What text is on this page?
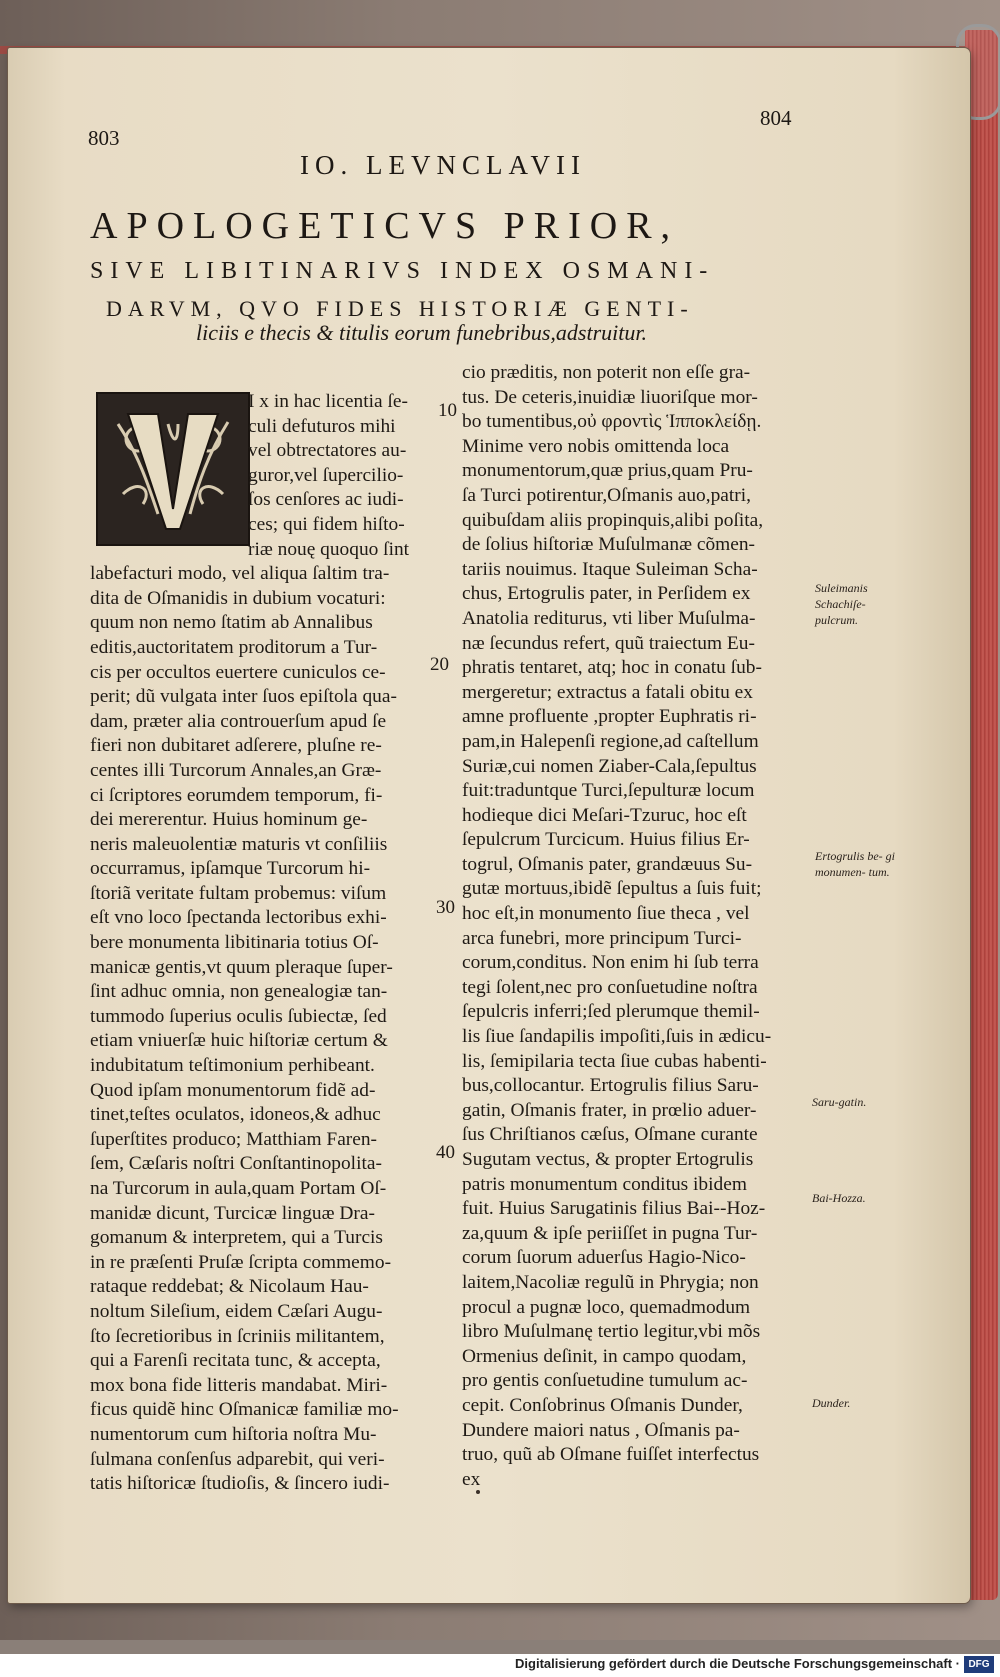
803
804
IO. LEVNCLAVII
APOLOGETICVS PRIOR,
SIVE LIBITINARIVS INDEX OSMANI-
DARVM, QVO FIDES HISTORIÆ GENTI-
liciis e thecis & titulis eorum funebribus,adstruitur.
I x in hac licentia ſe-
culi defuturos mihi
vel obtrectatores au-
guror,vel ſupercilio-
ſos cenſores ac iudi-
ces; qui fidem hiſto-
riæ nouę quoquo ſint
labefacturi modo, vel aliqua ſaltim tra-
dita de Oſmanidis in dubium vocaturi:
quum non nemo ſtatim ab Annalibus
editis,auctoritatem proditorum a Tur-
cis per occultos euertere cuniculos ce-
perit; dũ vulgata inter ſuos epiſtola qua-
dam, præter alia controuerſum apud ſe
fieri non dubitaret adſerere, pluſne re-
centes illi Turcorum Annales,an Græ-
ci ſcriptores eorumdem temporum, fi-
dei mererentur. Huius hominum ge-
neris maleuolentiæ maturis vt conſiliis
occurramus, ipſamque Turcorum hi-
ſtoriã veritate fultam probemus: viſum
eſt vno loco ſpectanda lectoribus exhi-
bere monumenta libitinaria totius Oſ-
manicæ gentis,vt quum pleraque ſuper-
ſint adhuc omnia, non genealogiæ tan-
tummodo ſuperius oculis ſubiectæ, ſed
etiam vniuerſæ huic hiſtoriæ certum &
indubitatum teſtimonium perhibeant.
Quod ipſam monumentorum fidẽ ad-
tinet,teſtes oculatos, idoneos,& adhuc
ſuperſtites produco; Matthiam Faren-
ſem, Cæſaris noſtri Conſtantinopolita-
na Turcorum in aula,quam Portam Oſ-
manidæ dicunt, Turcicæ linguæ Dra-
gomanum & interpretem, qui a Turcis
in re præſenti Pruſæ ſcripta commemo-
rataque reddebat; & Nicolaum Hau-
noltum Sileſium, eidem Cæſari Augu-
ſto ſecretioribus in ſcriniis militantem,
qui a Farenſi recitata tunc, & accepta,
mox bona fide litteris mandabat. Miri-
ficus quidẽ hinc Oſmanicæ familiæ mo-
numentorum cum hiſtoria noſtra Mu-
ſulmana conſenſus adparebit, qui veri-
tatis hiſtoricæ ſtudioſis, & ſincero iudi-
cio præditis, non poterit non eſſe gra-
tus. De ceteris,inuidiæ liuoriſque mor-
bo tumentibus,οὐ φροντὶς Ἱπποκλείδῃ.
Minime vero nobis omittenda loca
monumentorum,quæ prius,quam Pru-
ſa Turci potirentur,Oſmanis auo,patri,
quibuſdam aliis propinquis,alibi poſita,
de ſolius hiſtoriæ Muſulmanæ cõmen-
tariis nouimus. Itaque Suleiman Scha-
chus, Ertogrulis pater, in Perſidem ex
Anatolia rediturus, vti liber Muſulma-
næ ſecundus refert, quũ traiectum Eu-
phratis tentaret, atq; hoc in conatu ſub-
mergeretur; extractus a fatali obitu ex
amne profluente ,propter Euphratis ri-
pam,in Halepenſi regione,ad caſtellum
Suriæ,cui nomen Ziaber-Cala,ſepultus
fuit:traduntque Turci,ſepulturæ locum
hodieque dici Meſari-Tzuruc, hoc eſt
ſepulcrum Turcicum. Huius filius Er-
togrul, Oſmanis pater, grandæuus Su-
gutæ mortuus,ibidẽ ſepultus a ſuis fuit;
hoc eſt,in monumento ſiue theca , vel
arca funebri, more principum Turci-
corum,conditus. Non enim hi ſub terra
tegi ſolent,nec pro conſuetudine noſtra
ſepulcris inferri;ſed plerumque themil-
lis ſiue ſandapilis impoſiti,ſuis in ædicu-
lis, ſemipilaria tecta ſiue cubas habenti-
bus,collocantur. Ertogrulis filius Saru-
gatin, Oſmanis frater, in prœlio aduer-
ſus Chriſtianos cæſus, Oſmane curante
Sugutam vectus, & propter Ertogrulis
patris monumentum conditus ibidem
fuit. Huius Sarugatinis filius Bai--Hoz-
za,quum & ipſe periiſſet in pugna Tur-
corum ſuorum aduerſus Hagio-Nico-
laitem,Nacoliæ regulũ in Phrygia; non
procul a pugnæ loco, quemadmodum
libro Muſulmanę tertio legitur,vbi mõs
Ormenius deſinit, in campo quodam,
pro gentis conſuetudine tumulum ac-
cepit. Conſobrinus Oſmanis Dunder,
Dundere maiori natus , Oſmanis pa-
truo, quũ ab Oſmane fuiſſet interfectus
ex
10
20
30
40
Suleimanis Schachiſe- pulcrum.
Ertogrulis be- gi monumen- tum.
Saru-gatin.
Bai-Hozza.
Dunder.
Digitalisierung gefördert durch die Deutsche Forschungsgemeinschaft · DFG
